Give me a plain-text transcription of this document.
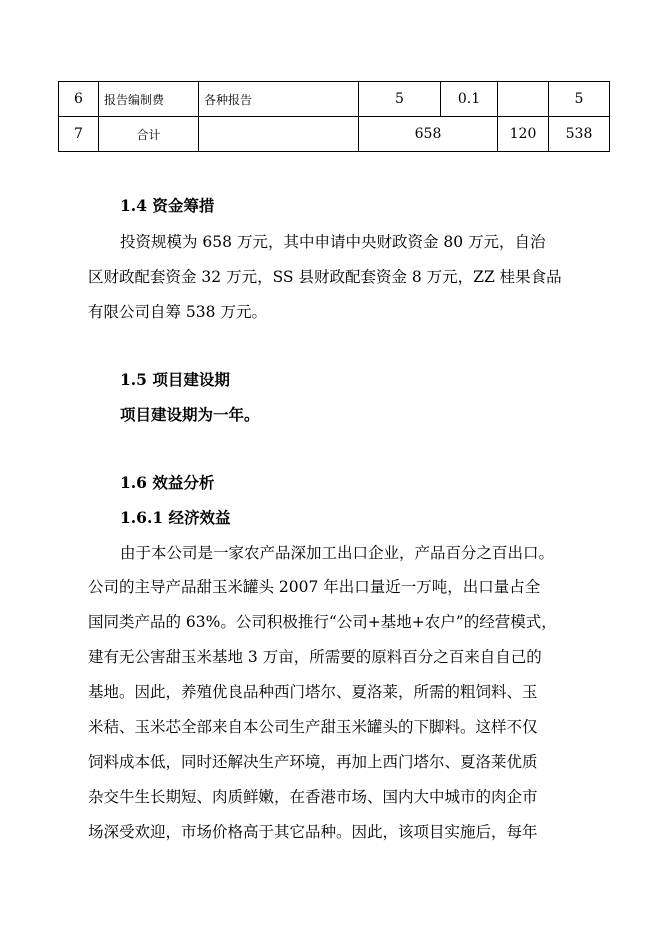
6	报告编制费	各种报告	5	0.1		5
7	合计		658		120	538
1.4 资金筹措
投资规模为 658 万元，其中申请中央财政资金 80 万元，自治
区财政配套资金 32 万元，SS 县财政配套资金 8 万元，ZZ 桂果食品
有限公司自筹 538 万元。
1.5 项目建设期
项目建设期为一年。
1.6 效益分析
1.6.1 经济效益
由于本公司是一家农产品深加工出口企业，产品百分之百出口。
公司的主导产品甜玉米罐头 2007 年出口量近一万吨，出口量占全
国同类产品的 63%。公司积极推行“公司+基地+农户”的经营模式，
建有无公害甜玉米基地 3 万亩，所需要的原料百分之百来自自己的
基地。因此，养殖优良品种西门塔尔、夏洛莱，所需的粗饲料、玉
米秸、玉米芯全部来自本公司生产甜玉米罐头的下脚料。这样不仅
饲料成本低，同时还解决生产环境，再加上西门塔尔、夏洛莱优质
杂交牛生长期短、肉质鲜嫩，在香港市场、国内大中城市的肉企市
场深受欢迎，市场价格高于其它品种。因此，该项目实施后，每年
